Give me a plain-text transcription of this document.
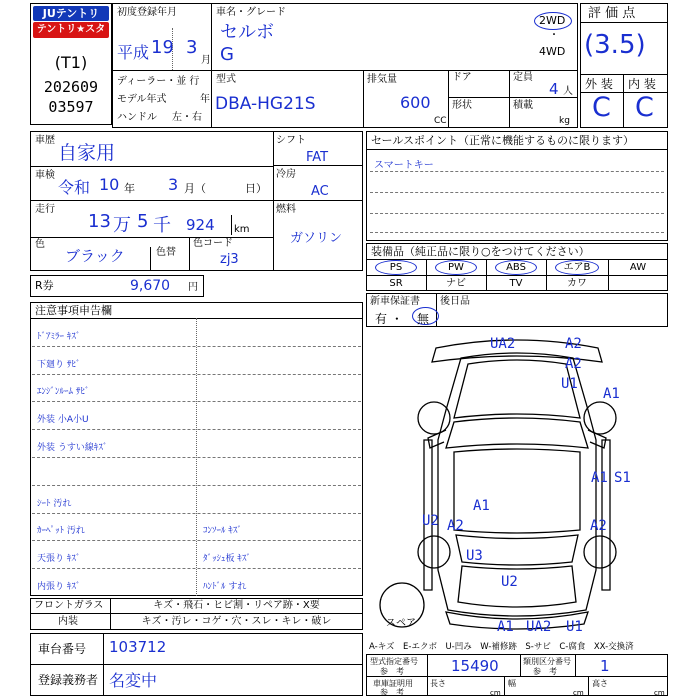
JUテントリ
テントリ★スター
(T1)
202609
03597
初度登録年月
平成 19 3
月
車名・グレード
セルボ
G
2WD
・
4WD
ディーラー・並 行
モデル年式	年
ハンドル 左・右
型式
DBA-HG21S
排気量
600
CC
ドア	定員
4 人
形状	積載
kg
評 価 点
(3.5)
外 装 内 装
C C
車歴
自家用
車検
令和 10 年 3 月（	日）
走行
13 万 5 千 924 km
色
ブラック	色替
色コード
zj3
シフト
FAT
冷房
AC
燃料
ガソリン
R券	9,670 円
セールスポイント（正常に機能するものに限ります）
スマートキー
装備品（純正品に限り○をつけてください）
PS	PW	ABS	エアB	AW
SR	ナビ	TV	カワ
新車保証書
有 ・ 無
後日品
注意事項申告欄
ﾄﾞｱﾐﾗｰ ｷｽﾞ
下廻り ｻﾋﾞ
ｴﾝｼﾞﾝﾙｰﾑ ｻﾋﾞ
外装 小A小U
外装 うすい線ｷｽﾞ
ｼｰﾄ 汚れ
ｶｰﾍﾟｯﾄ 汚れ	ｺﾝｿｰﾙ ｷｽﾞ
天張り ｷｽﾞ	ﾀﾞｯｼｭ板 ｷｽﾞ
内張り ｷｽﾞ	ﾊﾝﾄﾞﾙ すれ
フロントガラス	キズ・飛石・ヒビ割・リペア跡・X要
内装	キズ・汚レ・コゲ・穴・スレ・キレ・破レ
車台番号 103712
登録義務者 名変中
スペア
UA2	A2
A2
U1
A1
A1 S1
A1
U2 A2	A2
U3
U2
A1 UA2 U1
A-キズ　E-エクボ　U-凹み　W-補修跡　S-サビ　C-腐食　XX-交換済
型式指定番号
参　考	15490	類別区分番号
参　考	1
車庫証明用
参　考
長さ
cm
幅
cm
高さ
cm
